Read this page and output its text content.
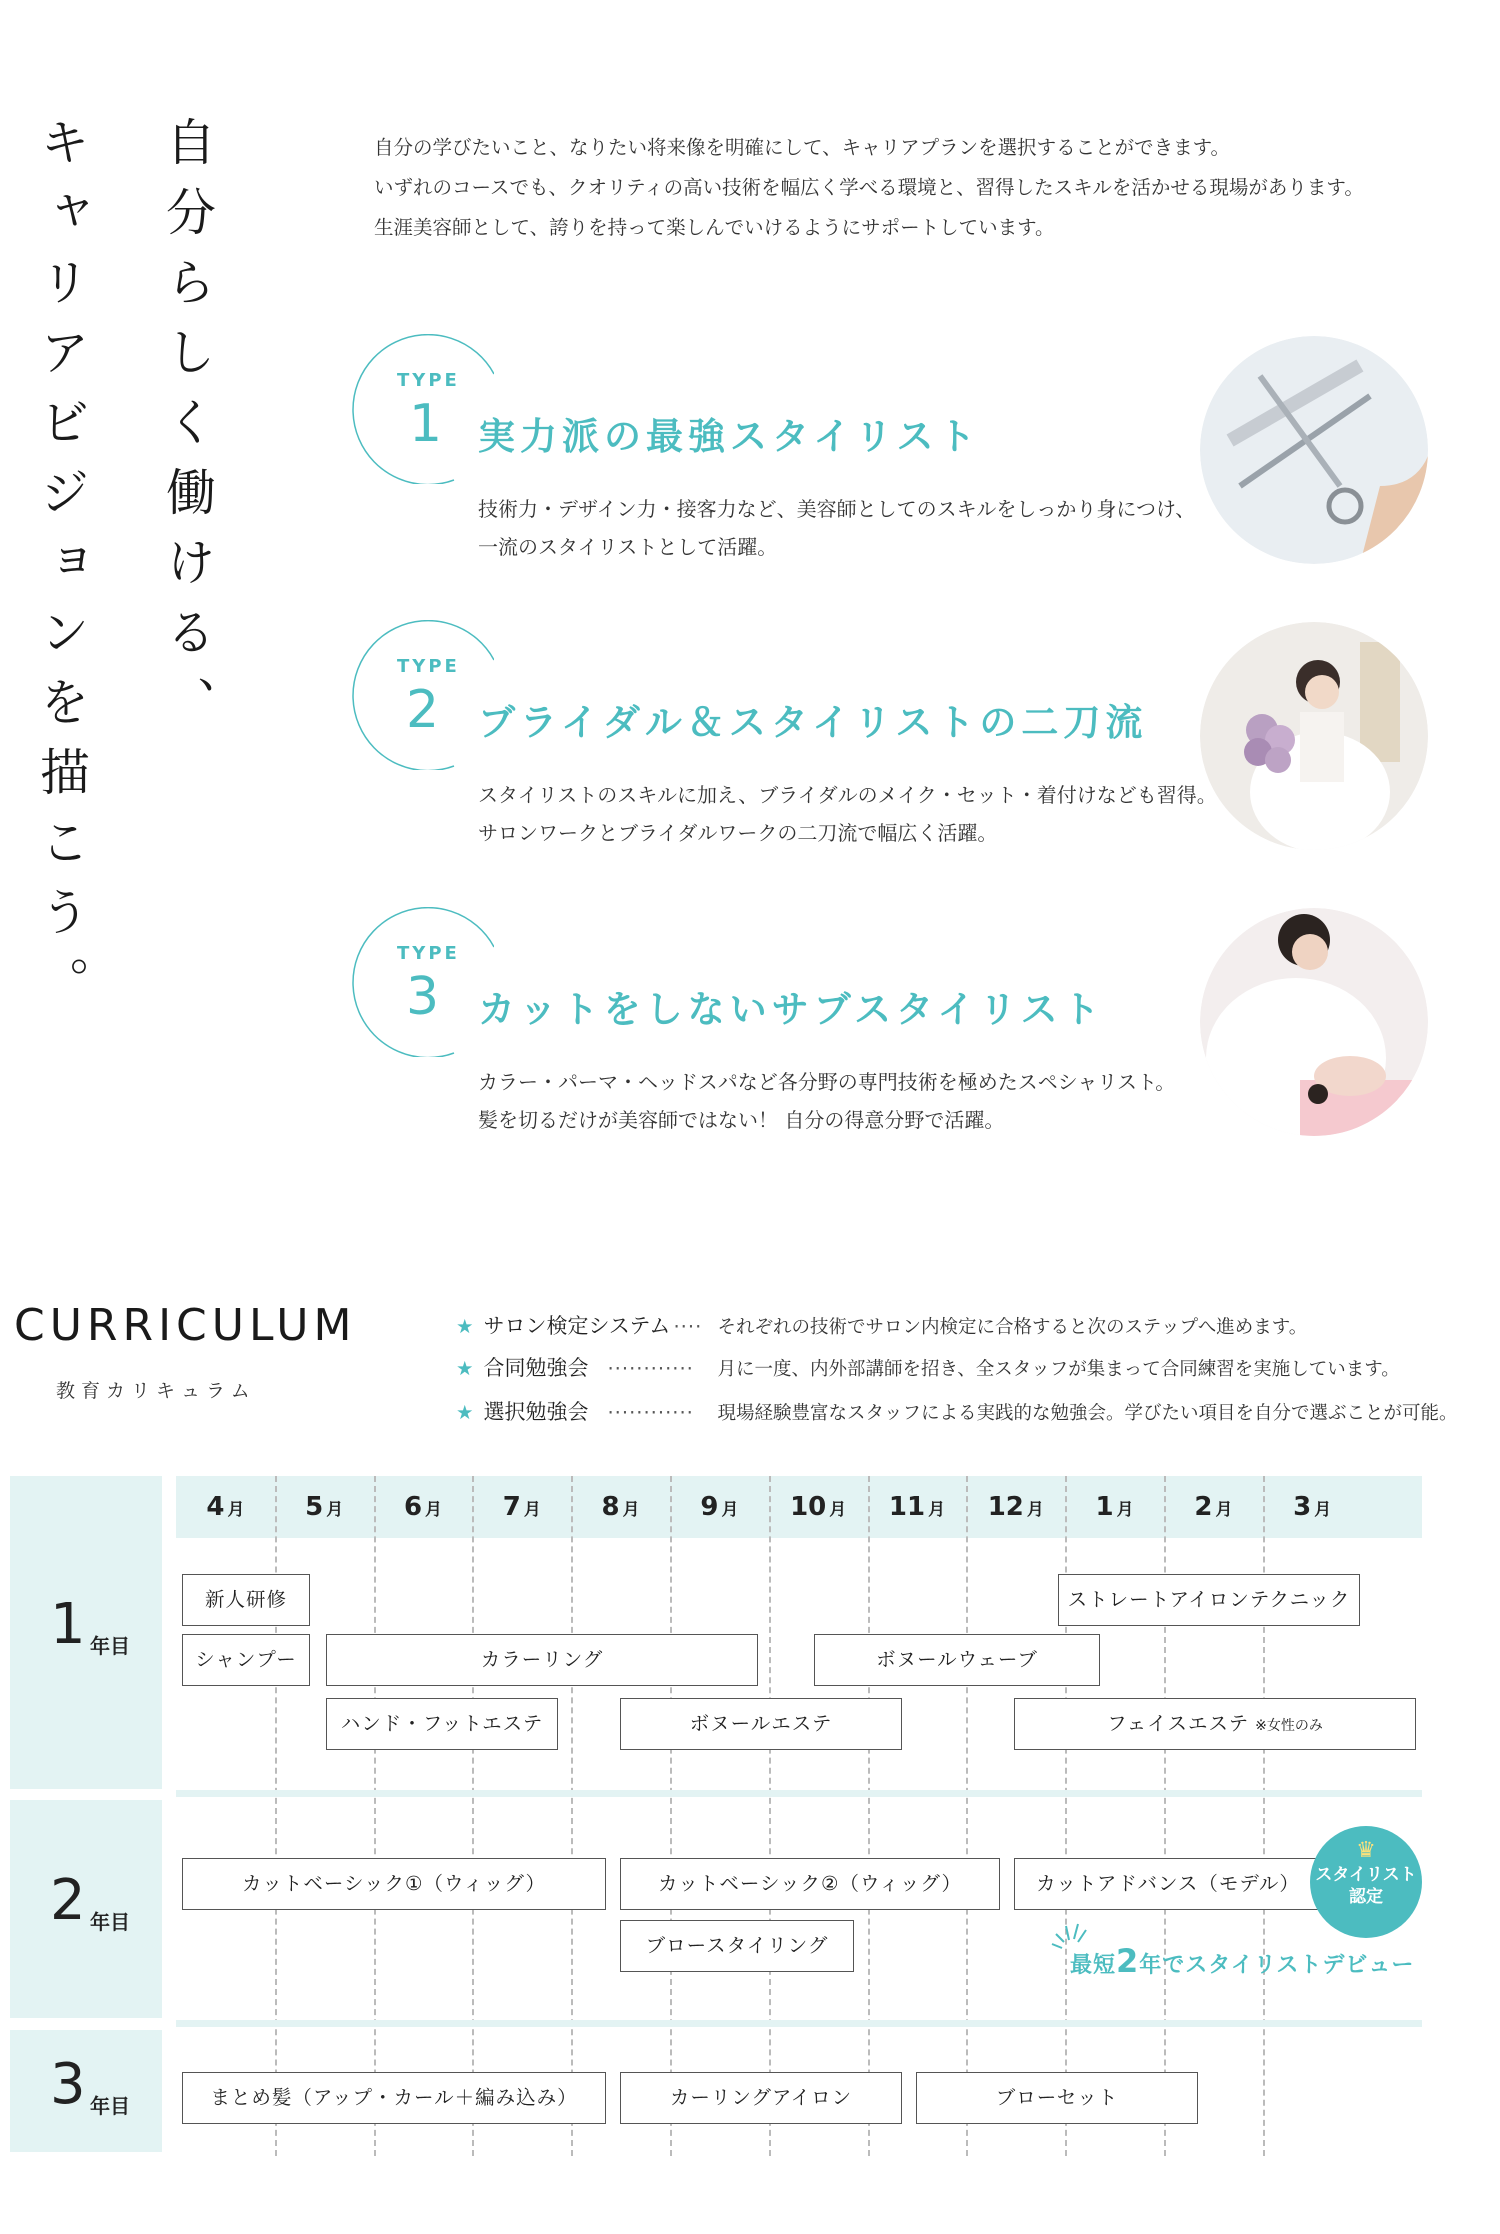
自分らしく働ける、
キャリアビジョンを描こう。	自分の学びたいこと、なりたい将来像を明確にして、キャリアプランを選択することができます。
いずれのコースでも、クオリティの高い技術を幅広く学べる環境と、習得したスキルを活かせる現場があります。
生涯美容師として、誇りを持って楽しんでいけるようにサポートしています。
TYPE
1 実力派の最強スタイリスト
技術力・デザイン力・接客力など、美容師としてのスキルをしっかり身につけ、
一流のスタイリストとして活躍。
TYPE
2 ブライダル＆スタイリストの二刀流
スタイリストのスキルに加え、ブライダルのメイク・セット・着付けなども習得。
サロンワークとブライダルワークの二刀流で幅広く活躍。
TYPE
3 カットをしないサブスタイリスト
カラー・パーマ・ヘッドスパなど各分野の専門技術を極めたスペシャリスト。
髪を切るだけが美容師ではない！ 自分の得意分野で活躍。
CURRICULUM
教育カリキュラム
★ サロン検定システム ···· それぞれの技術でサロン内検定に合格すると次のステップへ進めます。
★ 合同勉強会 ············ 月に一度、内外部講師を招き、全スタッフが集まって合同練習を実施しています。
★ 選択勉強会 ············ 現場経験豊富なスタッフによる実践的な勉強会。学びたい項目を自分で選ぶことが可能。
4 月	5 月	6 月	7 月	8 月	9 月	10 月	11 月	12 月	1 月	2 月	3 月
1 年目
2 年目
3 年目
新人研修
シャンプー	カラーリング	ボヌールウェーブ
ストレートアイロンテクニック
ハンド・フットエステ	ボヌールエステ	フェイスエステ ※女性のみ
カットベーシック①（ウィッグ）	カットベーシック②（ウィッグ）	カットアドバンス（モデル）
ブロースタイリング
♛
スタイリスト
認定
最短2年でスタイリストデビュー
まとめ髪（アップ・カール＋編み込み）	カーリングアイロン	ブローセット
